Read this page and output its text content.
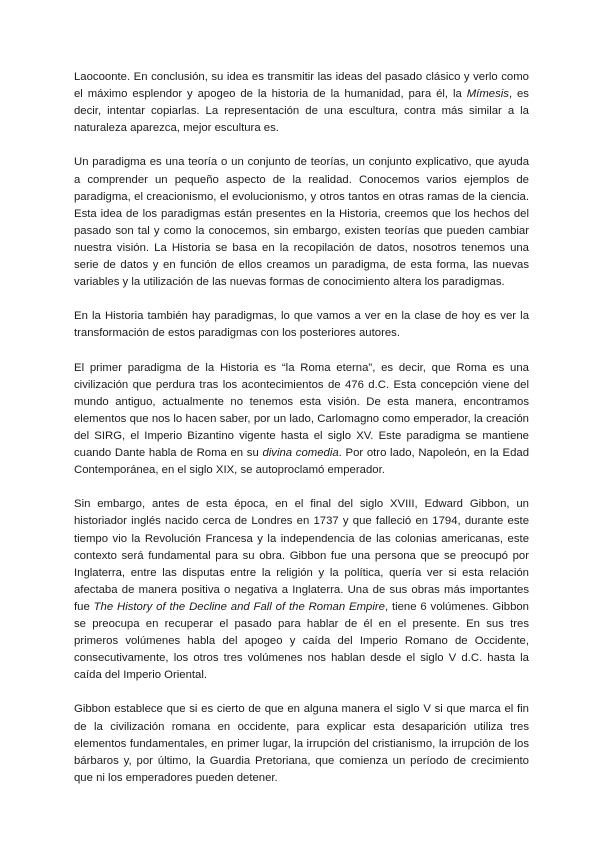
Laocoonte. En conclusión, su idea es transmitir las ideas del pasado clásico y verlo como el máximo esplendor y apogeo de la historia de la humanidad, para él, la Mímesis, es decir, intentar copiarlas. La representación de una escultura, contra más similar a la naturaleza aparezca, mejor escultura es.

Un paradigma es una teoría o un conjunto de teorías, un conjunto explicativo, que ayuda a comprender un pequeño aspecto de la realidad. Conocemos varios ejemplos de paradigma, el creacionismo, el evolucionismo, y otros tantos en otras ramas de la ciencia. Esta idea de los paradigmas están presentes en la Historia, creemos que los hechos del pasado son tal y como la conocemos, sin embargo, existen teorías que pueden cambiar nuestra visión. La Historia se basa en la recopilación de datos, nosotros tenemos una serie de datos y en función de ellos creamos un paradigma, de esta forma, las nuevas variables y la utilización de las nuevas formas de conocimiento altera los paradigmas.

En la Historia también hay paradigmas, lo que vamos a ver en la clase de hoy es ver la transformación de estos paradigmas con los posteriores autores.

El primer paradigma de la Historia es “la Roma eterna”, es decir, que Roma es una civilización que perdura tras los acontecimientos de 476 d.C. Esta concepción viene del mundo antiguo, actualmente no tenemos esta visión. De esta manera, encontramos elementos que nos lo hacen saber, por un lado, Carlomagno como emperador, la creación del SIRG, el Imperio Bizantino vigente hasta el siglo XV. Este paradigma se mantiene cuando Dante habla de Roma en su divina comedia. Por otro lado, Napoleón, en la Edad Contemporánea, en el siglo XIX, se autoproclamó emperador.

Sin embargo, antes de esta época, en el final del siglo XVIII, Edward Gibbon, un historiador inglés nacido cerca de Londres en 1737 y que falleció en 1794, durante este tiempo vio la Revolución Francesa y la independencia de las colonias americanas, este contexto será fundamental para su obra. Gibbon fue una persona que se preocupó por Inglaterra, entre las disputas entre la religión y la política, quería ver si esta relación afectaba de manera positiva o negativa a Inglaterra. Una de sus obras más importantes fue The History of the Decline and Fall of the Roman Empire, tiene 6 volúmenes. Gibbon se preocupa en recuperar el pasado para hablar de él en el presente. En sus tres primeros volúmenes habla del apogeo y caída del Imperio Romano de Occidente, consecutivamente, los otros tres volúmenes nos hablan desde el siglo V d.C. hasta la caída del Imperio Oriental.

Gibbon establece que si es cierto de que en alguna manera el siglo V si que marca el fin de la civilización romana en occidente, para explicar esta desaparición utiliza tres elementos fundamentales, en primer lugar, la irrupción del cristianismo, la irrupción de los bárbaros y, por último, la Guardia Pretoriana, que comienza un período de crecimiento que ni los emperadores pueden detener.
